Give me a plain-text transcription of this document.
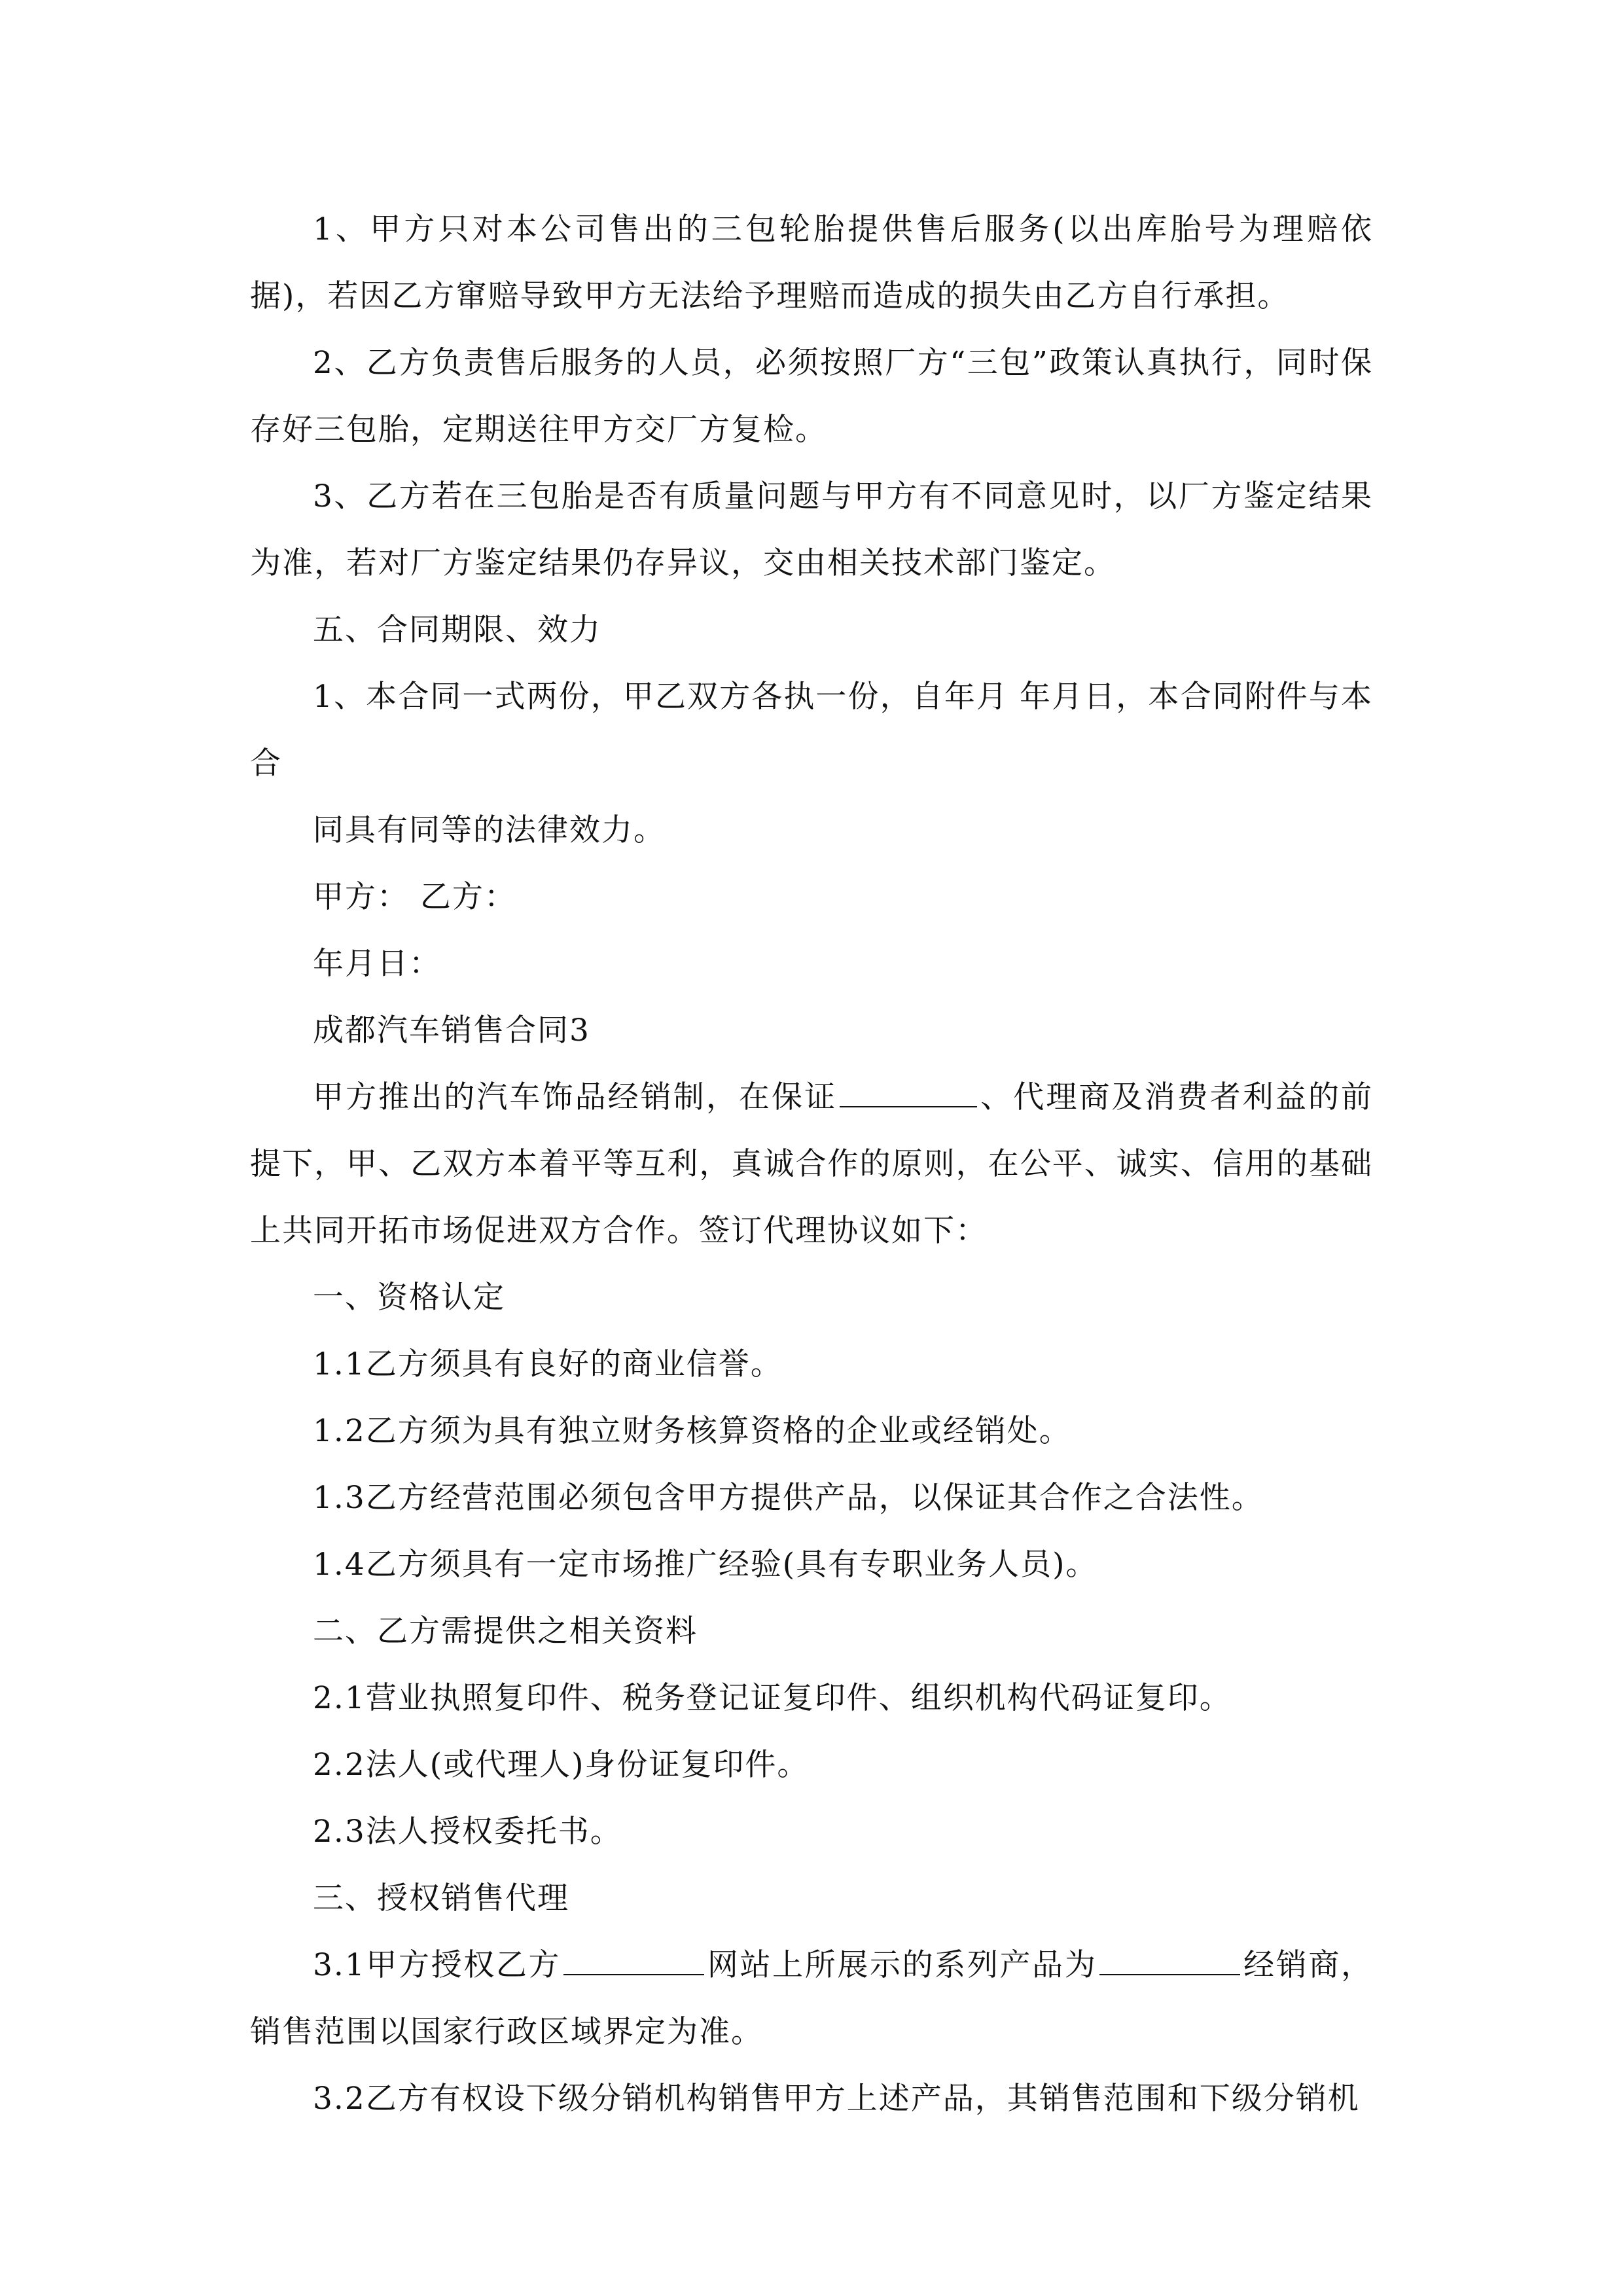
1、甲方只对本公司售出的三包轮胎提供售后服务(以出库胎号为理赔依据)，若因乙方窜赔导致甲方无法给予理赔而造成的损失由乙方自行承担。

2、乙方负责售后服务的人员，必须按照厂方“三包”政策认真执行，同时保存好三包胎，定期送往甲方交厂方复检。

3、乙方若在三包胎是否有质量问题与甲方有不同意见时，以厂方鉴定结果为准，若对厂方鉴定结果仍存异议，交由相关技术部门鉴定。

五、合同期限、效力

1、本合同一式两份，甲乙双方各执一份，自年月 年月日，本合同附件与本合

同具有同等的法律效力。

甲方： 乙方：

年月日：

成都汽车销售合同3

甲方推出的汽车饰品经销制，在保证	、代理商及消费者利益的前提下，甲、乙双方本着平等互利，真诚合作的原则，在公平、诚实、信用的基础上共同开拓市场促进双方合作。签订代理协议如下：

一、资格认定

1.1乙方须具有良好的商业信誉。

1.2乙方须为具有独立财务核算资格的企业或经销处。

1.3乙方经营范围必须包含甲方提供产品，以保证其合作之合法性。

1.4乙方须具有一定市场推广经验(具有专职业务人员)。

二、乙方需提供之相关资料

2.1营业执照复印件、税务登记证复印件、组织机构代码证复印。

2.2法人(或代理人)身份证复印件。

2.3法人授权委托书。

三、授权销售代理

3.1甲方授权乙方	网站上所展示的系列产品为	经销商，销售范围以国家行政区域界定为准。

3.2乙方有权设下级分销机构销售甲方上述产品，其销售范围和下级分销机
